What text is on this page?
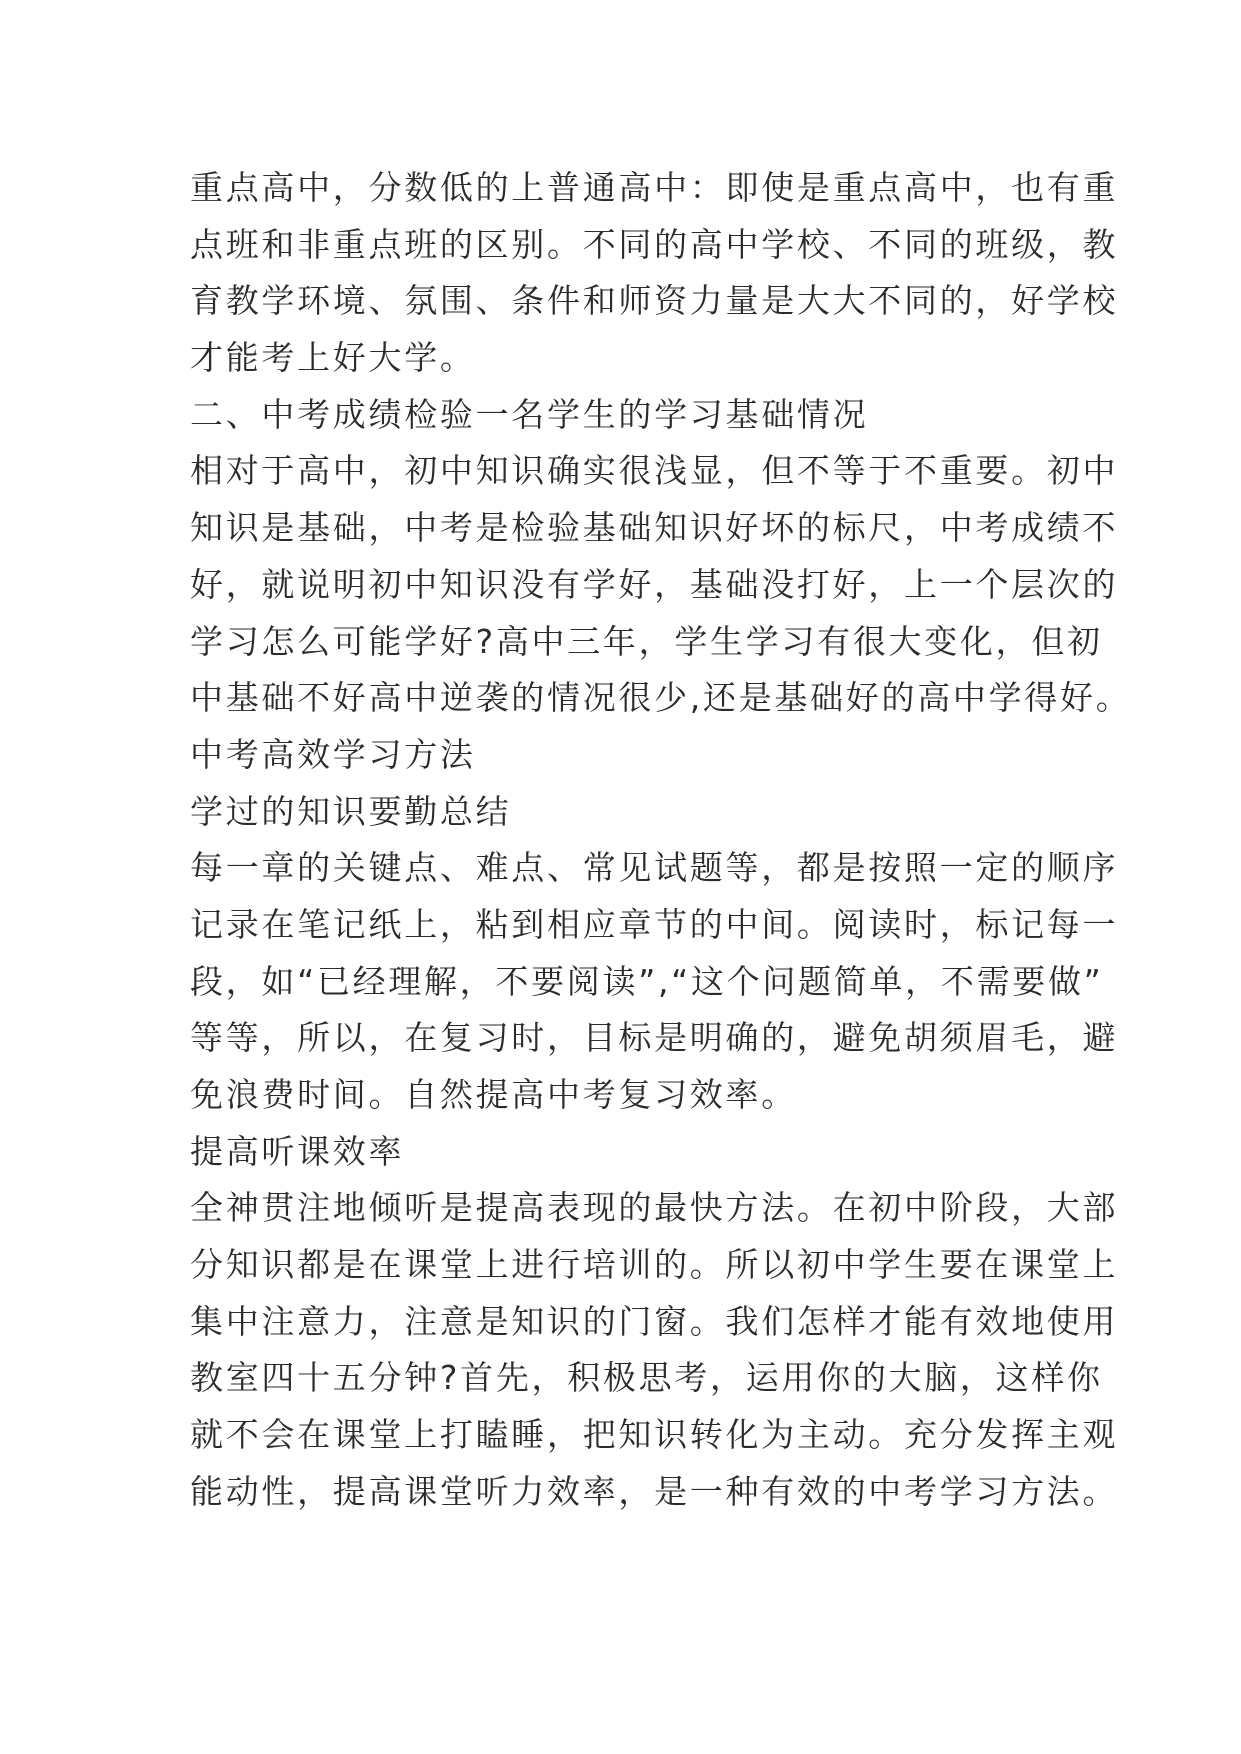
重点高中，分数低的上普通高中：即使是重点高中，也有重
点班和非重点班的区别。不同的高中学校、不同的班级，教
育教学环境、氛围、条件和师资力量是大大不同的，好学校
才能考上好大学。
二、中考成绩检验一名学生的学习基础情况
相对于高中，初中知识确实很浅显，但不等于不重要。初中
知识是基础，中考是检验基础知识好坏的标尺，中考成绩不
好，就说明初中知识没有学好，基础没打好，上一个层次的
学习怎么可能学好?高中三年，学生学习有很大变化，但初
中基础不好高中逆袭的情况很少,还是基础好的高中学得好。
中考高效学习方法
学过的知识要勤总结
每一章的关键点、难点、常见试题等，都是按照一定的顺序
记录在笔记纸上，粘到相应章节的中间。阅读时，标记每一
段，如“已经理解，不要阅读”,“这个问题简单，不需要做”
等等，所以，在复习时，目标是明确的，避免胡须眉毛，避
免浪费时间。自然提高中考复习效率。
提高听课效率
全神贯注地倾听是提高表现的最快方法。在初中阶段，大部
分知识都是在课堂上进行培训的。所以初中学生要在课堂上
集中注意力，注意是知识的门窗。我们怎样才能有效地使用
教室四十五分钟?首先，积极思考，运用你的大脑，这样你
就不会在课堂上打瞌睡，把知识转化为主动。充分发挥主观
能动性，提高课堂听力效率，是一种有效的中考学习方法。
